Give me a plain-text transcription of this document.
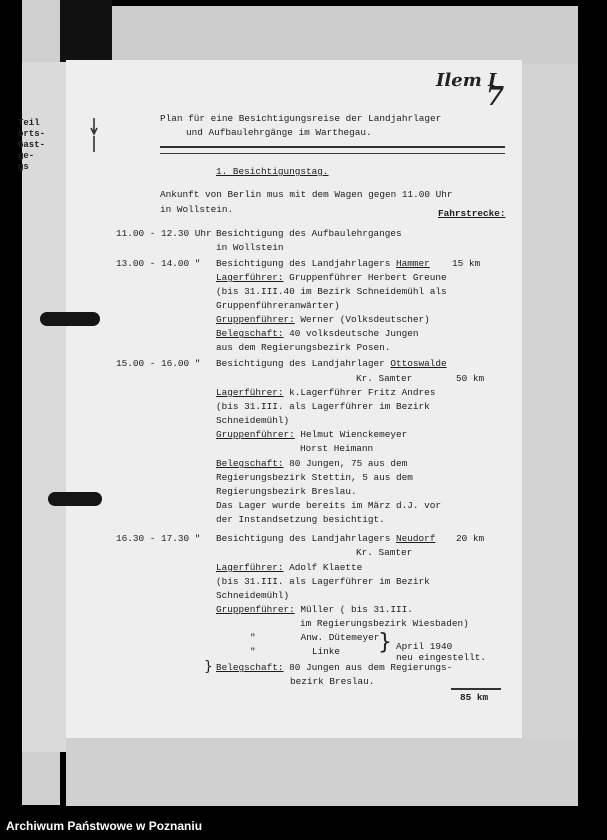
Teil
orts-
Gast-
ge-
gs
Ilem I
7
Plan für eine Besichtigungsreise der Landjahrlager
und Aufbaulehrgänge im Warthegau.
1. Besichtigungstag.
Ankunft von Berlin mus mit dem Wagen gegen 11.00 Uhr
in Wollstein.	Fahrstrecke:
11.00 - 12.30 Uhr Besichtigung des Aufbaulehrganges
in Wollstein
13.00 - 14.00 " Besichtigung des Landjahrlagers Hammer 15 km
Lagerführer: Gruppenführer Herbert Greune
(bis 31.III.40 im Bezirk Schneidemühl als
Gruppenführeranwärter)
Gruppenführer: Werner (Volksdeutscher)
Belegschaft: 40 volksdeutsche Jungen
aus dem Regierungsbezirk Posen.
15.00 - 16.00 " Besichtigung des Landjahrlager Ottoswalde
Kr. Samter	50 km
Lagerführer: k.Lagerführer Fritz Andres
(bis 31.III. als Lagerführer im Bezirk
Schneidemühl)
Gruppenführer: Helmut Wienckemeyer
Horst Heimann
Belegschaft: 80 Jungen, 75 aus dem
Regierungsbezirk Stettin, 5 aus dem
Regierungsbezirk Breslau.
Das Lager wurde bereits im März d.J. vor
der Instandsetzung besichtigt.
16.30 - 17.30 " Besichtigung des Landjahrlagers Neudorf 20 km
Kr. Samter
Lagerführer: Adolf Klaette
(bis 31.III. als Lagerführer im Bezirk
Schneidemühl)
Gruppenführer: Müller ( bis 31.III.
im Regierungsbezirk Wiesbaden)
"        Anw. Dütemeyer
"          Linke } April 1940
neu eingestellt.
} Belegschaft: 80 Jungen aus dem Regierungs-
bezirk Breslau.
85 km
Archiwum Państwowe w Poznaniu
